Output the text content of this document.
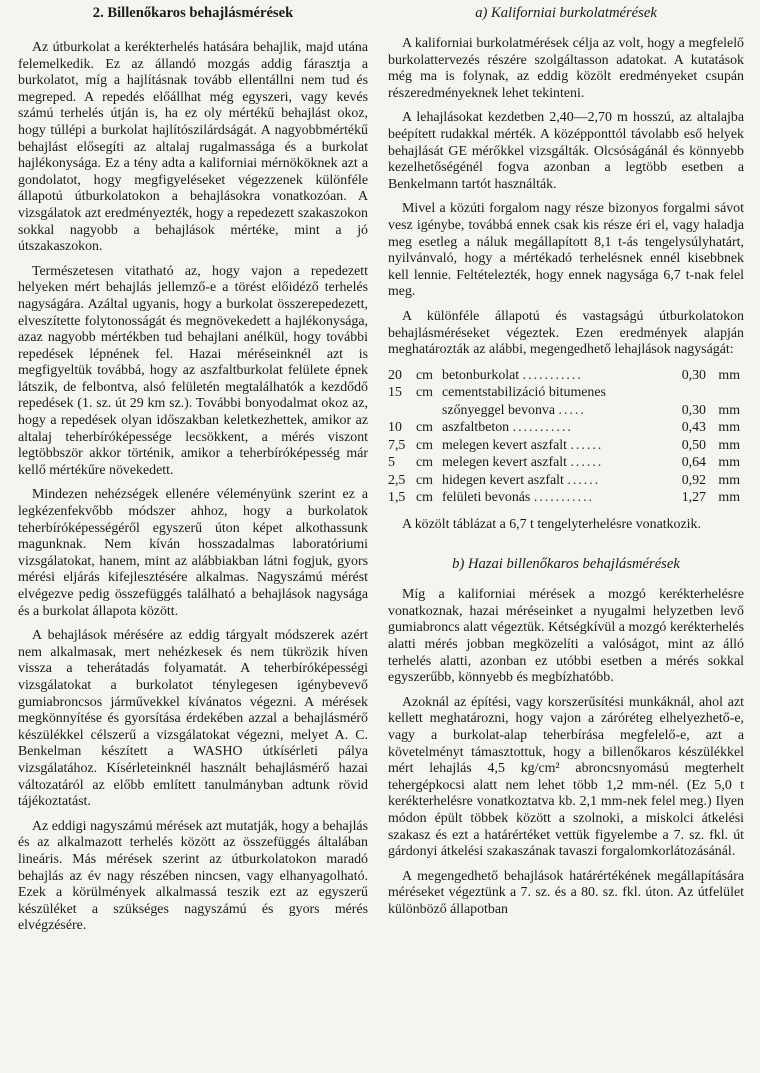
2. Billenőkaros behajlásmérések

Az útburkolat a kerékterhelés hatására behajlik, majd utána felemelkedik. Ez az állandó mozgás addig fárasztja a burkolatot, míg a hajlításnak tovább ellentállni nem tud és megreped. A repedés előállhat még egyszeri, vagy kevés számú terhelés útján is, ha ez oly mértékű behajlást okoz, hogy túllépi a burkolat hajlítószilárdságát. A nagyobbmértékű behajlást elősegíti az altalaj rugalmassága és a burkolat hajlékonysága. Ez a tény adta a kaliforniai mérnököknek azt a gondolatot, hogy megfigyeléseket végezzenek különféle állapotú útburkolatokon a behajlásokra vonatkozóan. A vizsgálatok azt eredményezték, hogy a repedezett szakaszokon sokkal nagyobb a behajlások mértéke, mint a jó útszakaszokon.

Természetesen vitatható az, hogy vajon a repedezett helyeken mért behajlás jellemző-e a törést előidéző terhelés nagyságára. Azáltal ugyanis, hogy a burkolat összerepedezett, elveszítette folytonosságát és megnövekedett a hajlékonysága, azaz nagyobb mértékben tud behajlani anélkül, hogy további repedések lépnének fel. Hazai méréseinknél azt is megfigyeltük továbbá, hogy az aszfaltburkolat felülete épnek látszik, de felbontva, alsó felületén megtalálhatók a kezdődő repedések (1. sz. út 29 km sz.). További bonyodalmat okoz az, hogy a repedések olyan időszakban keletkezhettek, amikor az altalaj teherbíróképessége lecsökkent, a mérés viszont legtöbbször akkor történik, amikor a teherbíróképesség már kellő mértékűre növekedett.

Mindezen nehézségek ellenére véleményünk szerint ez a legkézenfekvőbb módszer ahhoz, hogy a burkolatok teherbíróképességéről egyszerű úton képet alkothassunk magunknak. Nem kíván hosszadalmas laboratóriumi vizsgálatokat, hanem, mint az alábbiakban látni fogjuk, gyors mérési eljárás kifejlesztésére alkalmas. Nagyszámú mérést elvégezve pedig összefüggés található a behajlások nagysága és a burkolat állapota között.

A behajlások mérésére az eddig tárgyalt módszerek azért nem alkalmasak, mert nehézkesek és nem tükrözik híven vissza a teherátadás folyamatát. A teherbíróképességi vizsgálatokat a burkolatot ténylegesen igénybevevő gumiabroncsos járművekkel kívánatos végezni. A mérések megkönnyítése és gyorsítása érdekében azzal a behajlásmérő készülékkel célszerű a vizsgálatokat végezni, melyet A. C. Benkelman készített a WASHO útkísérleti pálya vizsgálatához. Kísérleteinknél használt behajlásmérő hazai változatáról az előbb említett tanulmányban adtunk rövid tájékoztatást.

Az eddigi nagyszámú mérések azt mutatják, hogy a behajlás és az alkalmazott terhelés között az összefüggés általában lineáris. Más mérések szerint az útburkolatokon maradó behajlás az év nagy részében nincsen, vagy elhanyagolható. Ezek a körülmények alkalmassá teszik ezt az egyszerű készüléket a szükséges nagyszámú és gyors mérés elvégzésére.

a) Kaliforniai burkolatmérések

A kaliforniai burkolatmérések célja az volt, hogy a megfelelő burkolattervezés részére szolgáltasson adatokat. A kutatások még ma is folynak, az eddig közölt eredményeket csupán részeredményeknek lehet tekinteni.

A lehajlásokat kezdetben 2,40—2,70 m hosszú, az altalajba beépített rudakkal mérték. A középponttól távolabb eső helyek behajlását GE mérőkkel vizsgálták. Olcsóságánál és könnyebb kezelhetőségénél fogva azonban a legtöbb esetben a Benkelmann tartót használták.

Mivel a közúti forgalom nagy része bizonyos forgalmi sávot vesz igénybe, továbbá ennek csak kis része éri el, vagy haladja meg esetleg a náluk megállapított 8,1 t-ás tengelysúlyhatárt, nyilvánvaló, hogy a mértékadó terhelésnek ennél kisebbnek kell lennie. Feltételezték, hogy ennek nagysága 6,7 t-nak felel meg.

A különféle állapotú és vastagságú útburkolatokon behajlásméréseket végeztek. Ezen eredmények alapján meghatározták az alábbi, megengedhető lehajlások nagyságát:

20	cm	betonburkolat ...........	0,30	mm
15	cm	cementstabilizáció bitumenes szőnyeggel bevonva .....	0,30	mm
10	cm	aszfaltbeton ...........	0,43	mm
7,5	cm	melegen kevert aszfalt ......	0,50	mm
5	cm	melegen kevert aszfalt ......	0,64	mm
2,5	cm	hidegen kevert aszfalt ......	0,92	mm
1,5	cm	felületi bevonás ...........	1,27	mm

A közölt táblázat a 6,7 t tengelyterhelésre vonatkozik.

b) Hazai billenőkaros behajlásmérések

Míg a kaliforniai mérések a mozgó kerékterhelésre vonatkoznak, hazai méréseinket a nyugalmi helyzetben levő gumiabroncs alatt végeztük. Kétségkívül a mozgó kerékterhelés alatti mérés jobban megközelíti a valóságot, mint az álló terhelés alatti, azonban ez utóbbi esetben a mérés sokkal egyszerűbb, könnyebb és megbízhatóbb.

Azoknál az építési, vagy korszerűsítési munkáknál, ahol azt kellett meghatározni, hogy vajon a záróréteg elhelyezhető-e, vagy a burkolat-alap teherbírása megfelelő-e, azt a követelményt támasztottuk, hogy a billenőkaros készülékkel mért lehajlás 4,5 kg/cm² abroncsnyomású megterhelt tehergépkocsi alatt nem lehet több 1,2 mm-nél. (Ez 5,0 t kerékterhelésre vonatkoztatva kb. 2,1 mm-nek felel meg.) Ilyen módon épült többek között a szolnoki, a miskolci átkelési szakasz és ezt a határértéket vettük figyelembe a 7. sz. fkl. út gárdonyi átkelési szakaszának tavaszi forgalomkorlátozásánál.

A megengedhető behajlások határértékének megállapítására méréseket végeztünk a 7. sz. és a 80. sz. fkl. úton. Az útfelület különböző állapotban
